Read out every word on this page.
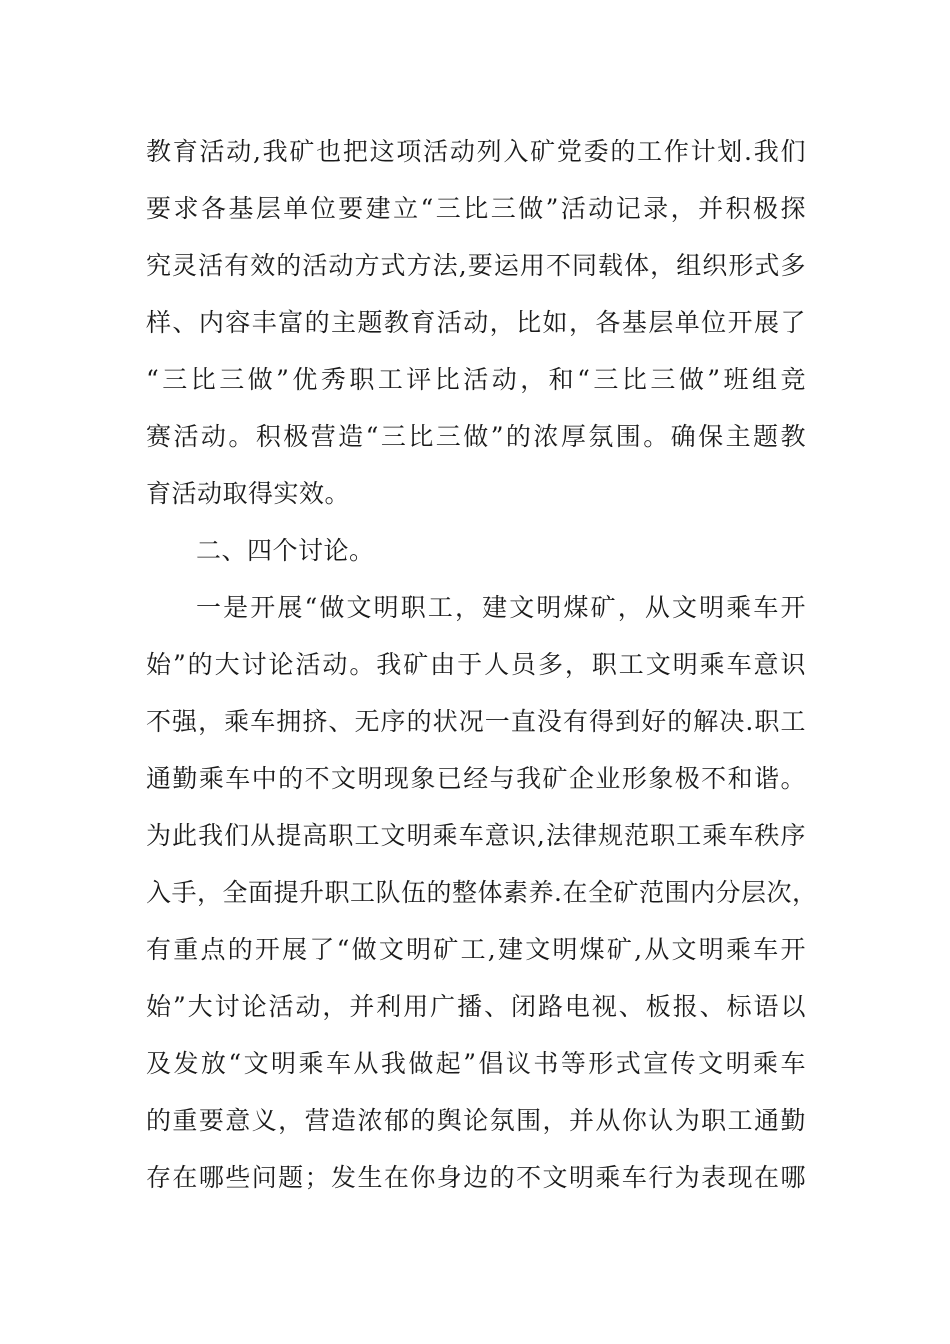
教育活动,我矿也把这项活动列入矿党委的工作计划.我们
要求各基层单位要建立“三比三做”活动记录，并积极探
究灵活有效的活动方式方法,要运用不同载体，组织形式多
样、内容丰富的主题教育活动，比如，各基层单位开展了
“三比三做”优秀职工评比活动，和“三比三做”班组竞
赛活动。积极营造“三比三做”的浓厚氛围。确保主题教
育活动取得实效。
二、四个讨论。
一是开展“做文明职工，建文明煤矿，从文明乘车开
始”的大讨论活动。我矿由于人员多，职工文明乘车意识
不强，乘车拥挤、无序的状况一直没有得到好的解决.职工
通勤乘车中的不文明现象已经与我矿企业形象极不和谐。
为此我们从提高职工文明乘车意识,法律规范职工乘车秩序
入手，全面提升职工队伍的整体素养.在全矿范围内分层次，
有重点的开展了“做文明矿工,建文明煤矿,从文明乘车开
始”大讨论活动，并利用广播、闭路电视、板报、标语以
及发放“文明乘车从我做起”倡议书等形式宣传文明乘车
的重要意义，营造浓郁的舆论氛围，并从你认为职工通勤
存在哪些问题；发生在你身边的不文明乘车行为表现在哪
